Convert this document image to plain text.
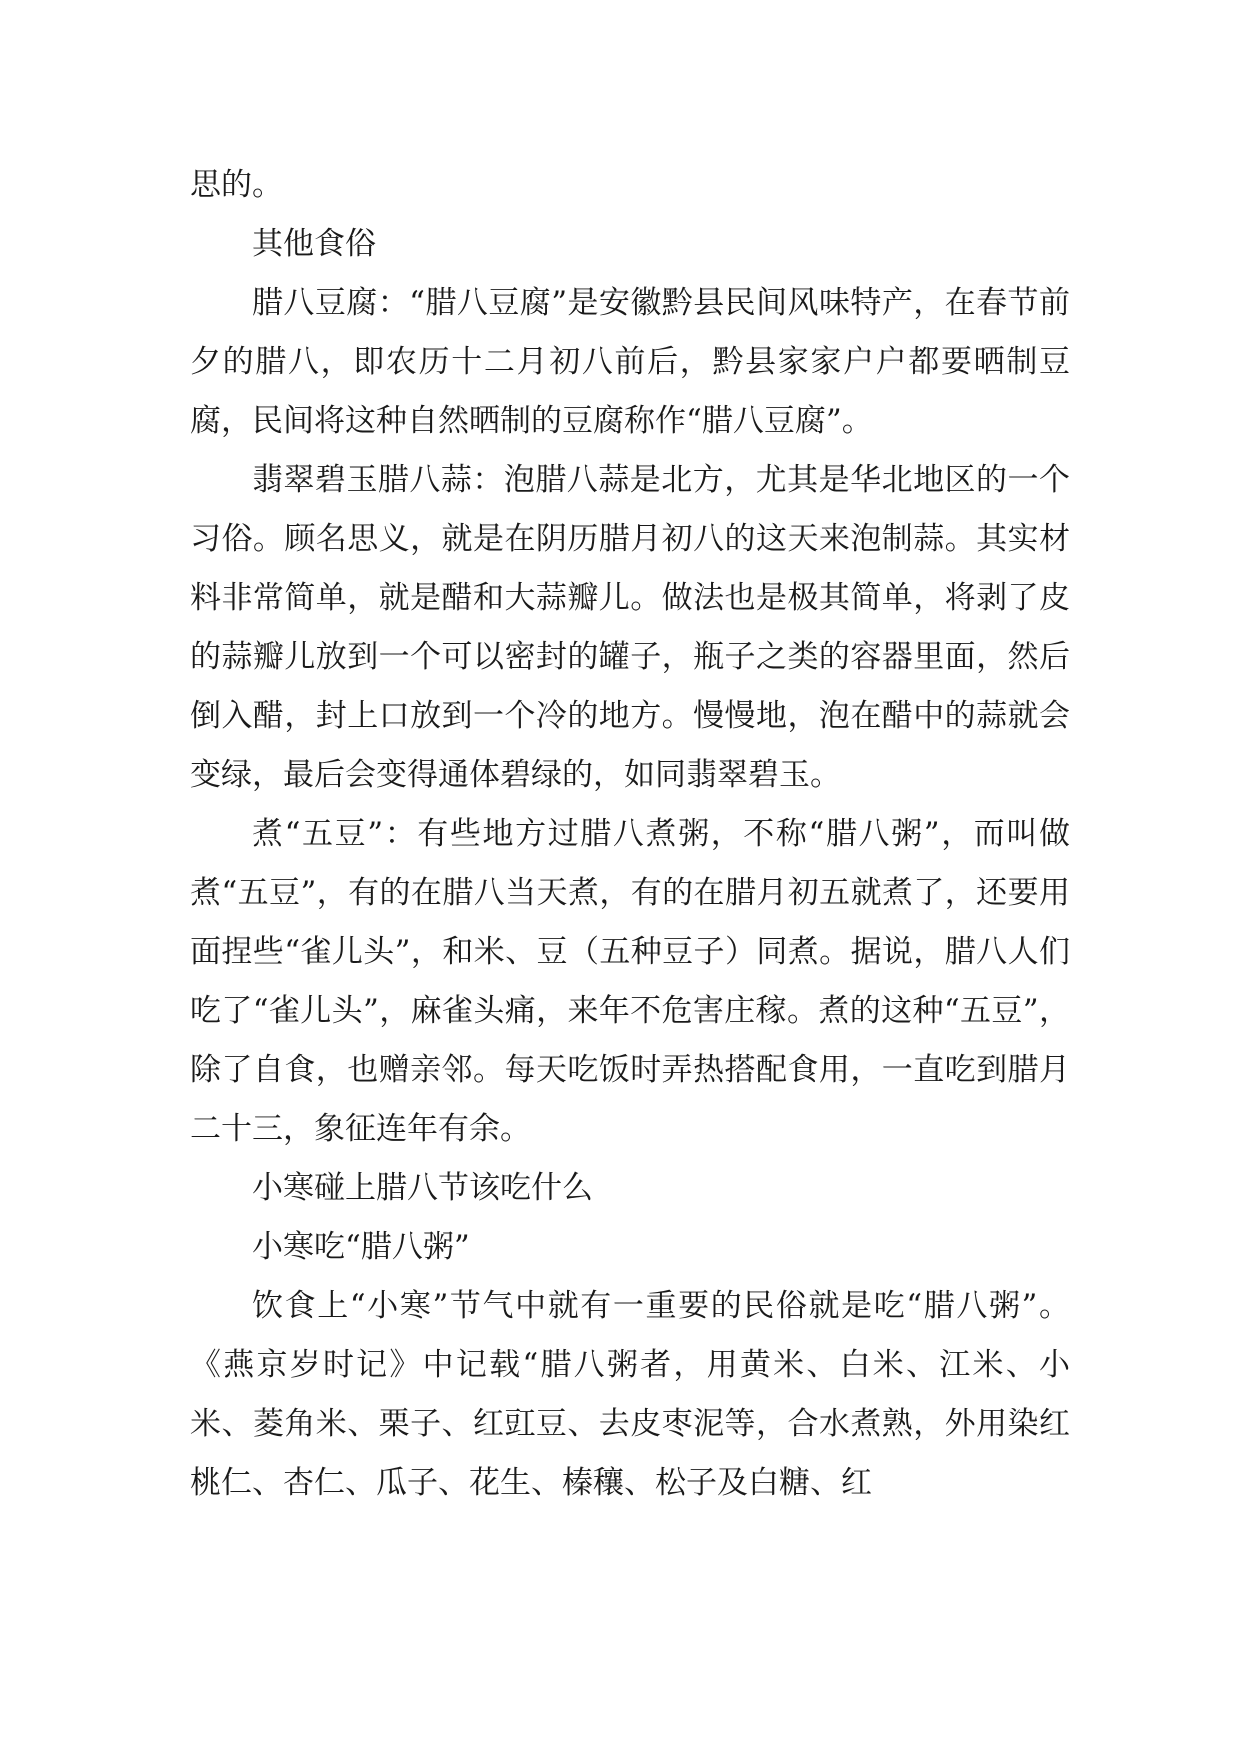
思的。

其他食俗

腊八豆腐：“腊八豆腐”是安徽黔县民间风味特产，在春节前夕的腊八，即农历十二月初八前后，黔县家家户户都要晒制豆腐，民间将这种自然晒制的豆腐称作“腊八豆腐”。

翡翠碧玉腊八蒜：泡腊八蒜是北方，尤其是华北地区的一个习俗。顾名思义，就是在阴历腊月初八的这天来泡制蒜。其实材料非常简单，就是醋和大蒜瓣儿。做法也是极其简单，将剥了皮的蒜瓣儿放到一个可以密封的罐子，瓶子之类的容器里面，然后倒入醋，封上口放到一个冷的地方。慢慢地，泡在醋中的蒜就会变绿，最后会变得通体碧绿的，如同翡翠碧玉。

煮“五豆”：有些地方过腊八煮粥，不称“腊八粥”，而叫做煮“五豆”，有的在腊八当天煮，有的在腊月初五就煮了，还要用面捏些“雀儿头”，和米、豆（五种豆子）同煮。据说，腊八人们吃了“雀儿头”，麻雀头痛，来年不危害庄稼。煮的这种“五豆”，除了自食，也赠亲邻。每天吃饭时弄热搭配食用，一直吃到腊月二十三，象征连年有余。

小寒碰上腊八节该吃什么

小寒吃“腊八粥”

饮食上“小寒”节气中就有一重要的民俗就是吃“腊八粥”。《燕京岁时记》中记载“腊八粥者，用黄米、白米、江米、小米、菱角米、栗子、红豇豆、去皮枣泥等，合水煮熟，外用染红桃仁、杏仁、瓜子、花生、榛穰、松子及白糖、红
